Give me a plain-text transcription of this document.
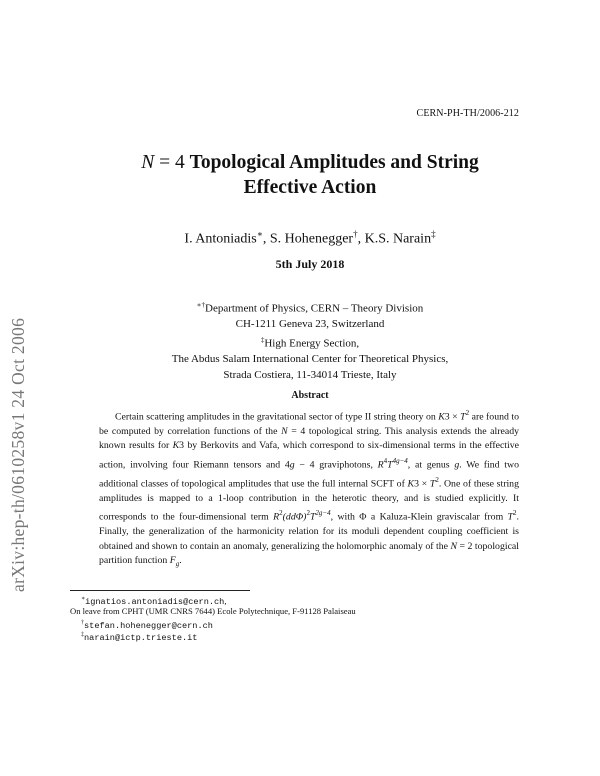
CERN-PH-TH/2006-212
arXiv:hep-th/0610258v1 24 Oct 2006
N = 4 Topological Amplitudes and String
Effective Action
I. Antoniadis∗, S. Hohenegger†, K.S. Narain‡
5th July 2018
∗†Department of Physics, CERN – Theory Division
CH-1211 Geneva 23, Switzerland
‡High Energy Section,
The Abdus Salam International Center for Theoretical Physics,
Strada Costiera, 11-34014 Trieste, Italy
Abstract

Certain scattering amplitudes in the gravitational sector of type II string theory on $K3 \times T^2$ are found to be computed by correlation functions of the N = 4 topological string. This analysis extends the already known results for K3 by Berkovits and Vafa, which correspond to six-dimensional terms in the effective action, involving four Riemann tensors and 4g − 4 graviphotons, $R^4T^{4g-4}$, at genus g. We find two additional classes of topological amplitudes that use the full internal SCFT of $K3 \times T^2$. One of these string amplitudes is mapped to a 1-loop contribution in the heterotic theory, and is studied explicitly. It corresponds to the four-dimensional term $R^2(dd\Phi)^2T^{2g-4}$, with Φ a Kaluza-Klein graviscalar from $T^2$. Finally, the generalization of the harmonicity relation for its moduli dependent coupling coefficient is obtained and shown to contain an anomaly, generalizing the holomorphic anomaly of the N = 2 topological partition function $F_g$.

∗ignatios.antoniadis@cern.ch,
On leave from CPHT (UMR CNRS 7644) Ecole Polytechnique, F-91128 Palaiseau
†stefan.hohenegger@cern.ch
‡narain@ictp.trieste.it
